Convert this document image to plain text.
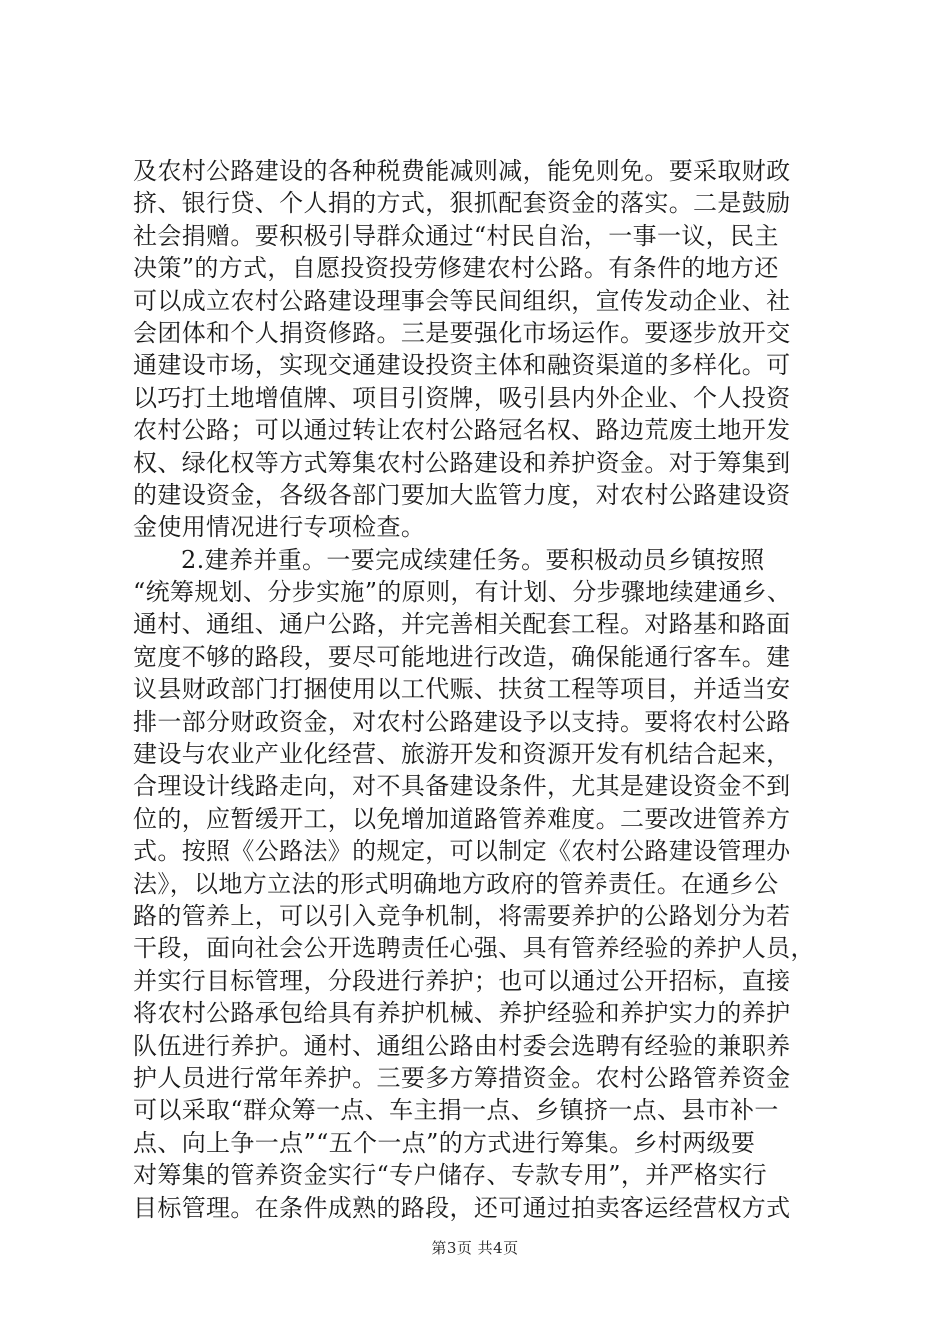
及农村公路建设的各种税费能减则减，能免则免。要采取财政
挤、银行贷、个人捐的方式，狠抓配套资金的落实。二是鼓励
社会捐赠。要积极引导群众通过“村民自治，一事一议，民主
决策”的方式，自愿投资投劳修建农村公路。有条件的地方还
可以成立农村公路建设理事会等民间组织，宣传发动企业、社
会团体和个人捐资修路。三是要强化市场运作。要逐步放开交
通建设市场，实现交通建设投资主体和融资渠道的多样化。可
以巧打土地增值牌、项目引资牌，吸引县内外企业、个人投资
农村公路；可以通过转让农村公路冠名权、路边荒废土地开发
权、绿化权等方式筹集农村公路建设和养护资金。对于筹集到
的建设资金，各级各部门要加大监管力度，对农村公路建设资
金使用情况进行专项检查。
2.建养并重。一要完成续建任务。要积极动员乡镇按照
“统筹规划、分步实施”的原则，有计划、分步骤地续建通乡、
通村、通组、通户公路，并完善相关配套工程。对路基和路面
宽度不够的路段，要尽可能地进行改造，确保能通行客车。建
议县财政部门打捆使用以工代赈、扶贫工程等项目，并适当安
排一部分财政资金，对农村公路建设予以支持。要将农村公路
建设与农业产业化经营、旅游开发和资源开发有机结合起来，
合理设计线路走向，对不具备建设条件，尤其是建设资金不到
位的，应暂缓开工，以免增加道路管养难度。二要改进管养方
式。按照《公路法》的规定，可以制定《农村公路建设管理办
法》，以地方立法的形式明确地方政府的管养责任。在通乡公
路的管养上，可以引入竞争机制，将需要养护的公路划分为若
干段，面向社会公开选聘责任心强、具有管养经验的养护人员，
并实行目标管理，分段进行养护；也可以通过公开招标，直接
将农村公路承包给具有养护机械、养护经验和养护实力的养护
队伍进行养护。通村、通组公路由村委会选聘有经验的兼职养
护人员进行常年养护。三要多方筹措资金。农村公路管养资金
可以采取“群众筹一点、车主捐一点、乡镇挤一点、县市补一
点、向上争一点”“五个一点”的方式进行筹集。乡村两级要
对筹集的管养资金实行“专户储存、专款专用”，并严格实行
目标管理。在条件成熟的路段，还可通过拍卖客运经营权方式
第3页 共4页
